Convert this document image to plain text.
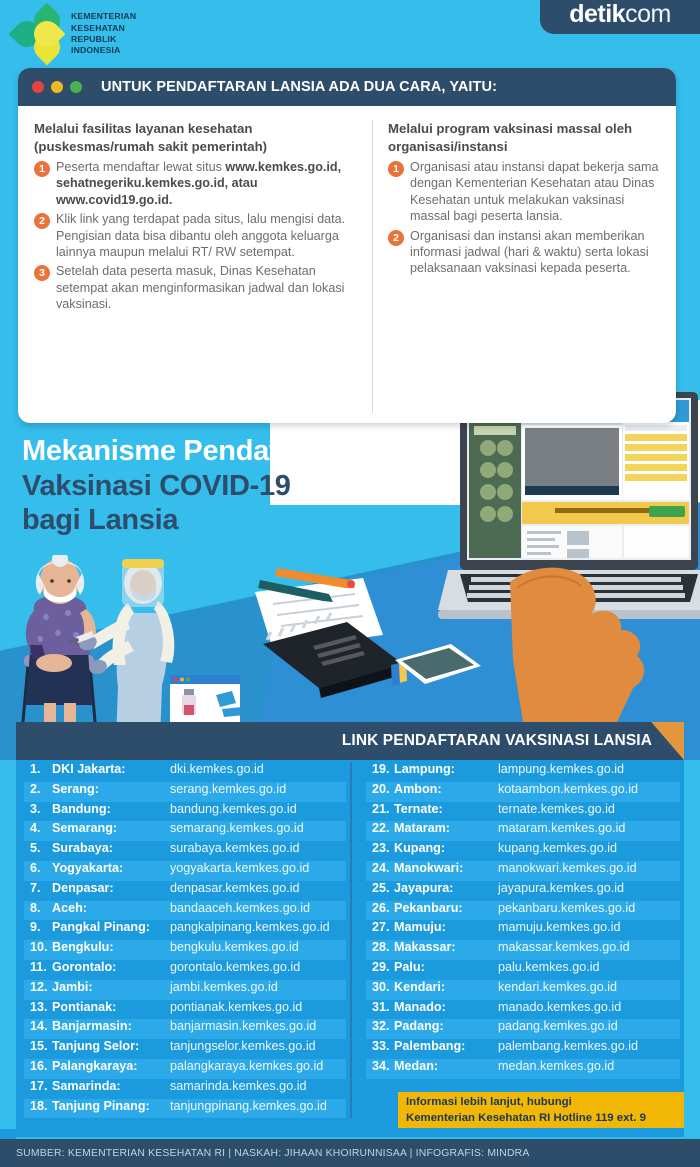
KEMENTERIAN
KESEHATAN
REPUBLIK
INDONESIA
detikcom
Mekanisme Pendaftaran
Vaksinasi COVID-19
bagi Lansia
UNTUK PENDAFTARAN LANSIA ADA DUA CARA, YAITU:
Melalui fasilitas layanan kesehatan (puskesmas/rumah sakit pemerintah)
1 Peserta mendaftar lewat situs www.kemkes.go.id, sehatnegeriku.kemkes.go.id, atau www.covid19.go.id.
2 Klik link yang terdapat pada situs, lalu mengisi data. Pengisian data bisa dibantu oleh anggota keluarga lainnya maupun melalui RT/ RW setempat.
3 Setelah data peserta masuk, Dinas Kesehatan setempat akan menginformasikan jadwal dan lokasi vaksinasi.
Melalui program vaksinasi massal oleh organisasi/instansi
1 Organisasi atau instansi dapat bekerja sama dengan Kementerian Kesehatan atau Dinas Kesehatan untuk melakukan vaksinasi massal bagi peserta lansia.
2 Organisasi dan instansi akan memberikan informasi jadwal (hari & waktu) serta lokasi pelaksanaan vaksinasi kepada peserta.
LINK PENDAFTARAN VAKSINASI LANSIA
1. DKI Jakarta:	dki.kemkes.go.id
2. Serang:	serang.kemkes.go.id
3. Bandung:	bandung.kemkes.go.id
4. Semarang:	semarang.kemkes.go.id
5. Surabaya:	surabaya.kemkes.go.id
6. Yogyakarta:	yogyakarta.kemkes.go.id
7. Denpasar:	denpasar.kemkes.go.id
8. Aceh:	bandaaceh.kemkes.go.id
9. Pangkal Pinang:	pangkalpinang.kemkes.go.id
10. Bengkulu:	bengkulu.kemkes.go.id
11. Gorontalo:	gorontalo.kemkes.go.id
12. Jambi:	jambi.kemkes.go.id
13. Pontianak:	pontianak.kemkes.go.id
14. Banjarmasin:	banjarmasin.kemkes.go.id
15. Tanjung Selor:	tanjungselor.kemkes.go.id
16. Palangkaraya:	palangkaraya.kemkes.go.id
17. Samarinda:	samarinda.kemkes.go.id
18. Tanjung Pinang:	tanjungpinang.kemkes.go.id
19. Lampung:	lampung.kemkes.go.id
20. Ambon:	kotaambon.kemkes.go.id
21. Ternate:	ternate.kemkes.go.id
22. Mataram:	mataram.kemkes.go.id
23. Kupang:	kupang.kemkes.go.id
24. Manokwari:	manokwari.kemkes.go.id
25. Jayapura:	jayapura.kemkes.go.id
26. Pekanbaru:	pekanbaru.kemkes.go.id
27. Mamuju:	mamuju.kemkes.go.id
28. Makassar:	makassar.kemkes.go.id
29. Palu:	palu.kemkes.go.id
30. Kendari:	kendari.kemkes.go.id
31. Manado:	manado.kemkes.go.id
32. Padang:	padang.kemkes.go.id
33. Palembang:	palembang.kemkes.go.id
34. Medan:	medan.kemkes.go.id
Informasi lebih lanjut, hubungi
Kementerian Kesehatan RI Hotline 119 ext. 9
SUMBER: KEMENTERIAN KESEHATAN RI | NASKAH: JIHAAN KHOIRUNNISAA | INFOGRAFIS: MINDRA
